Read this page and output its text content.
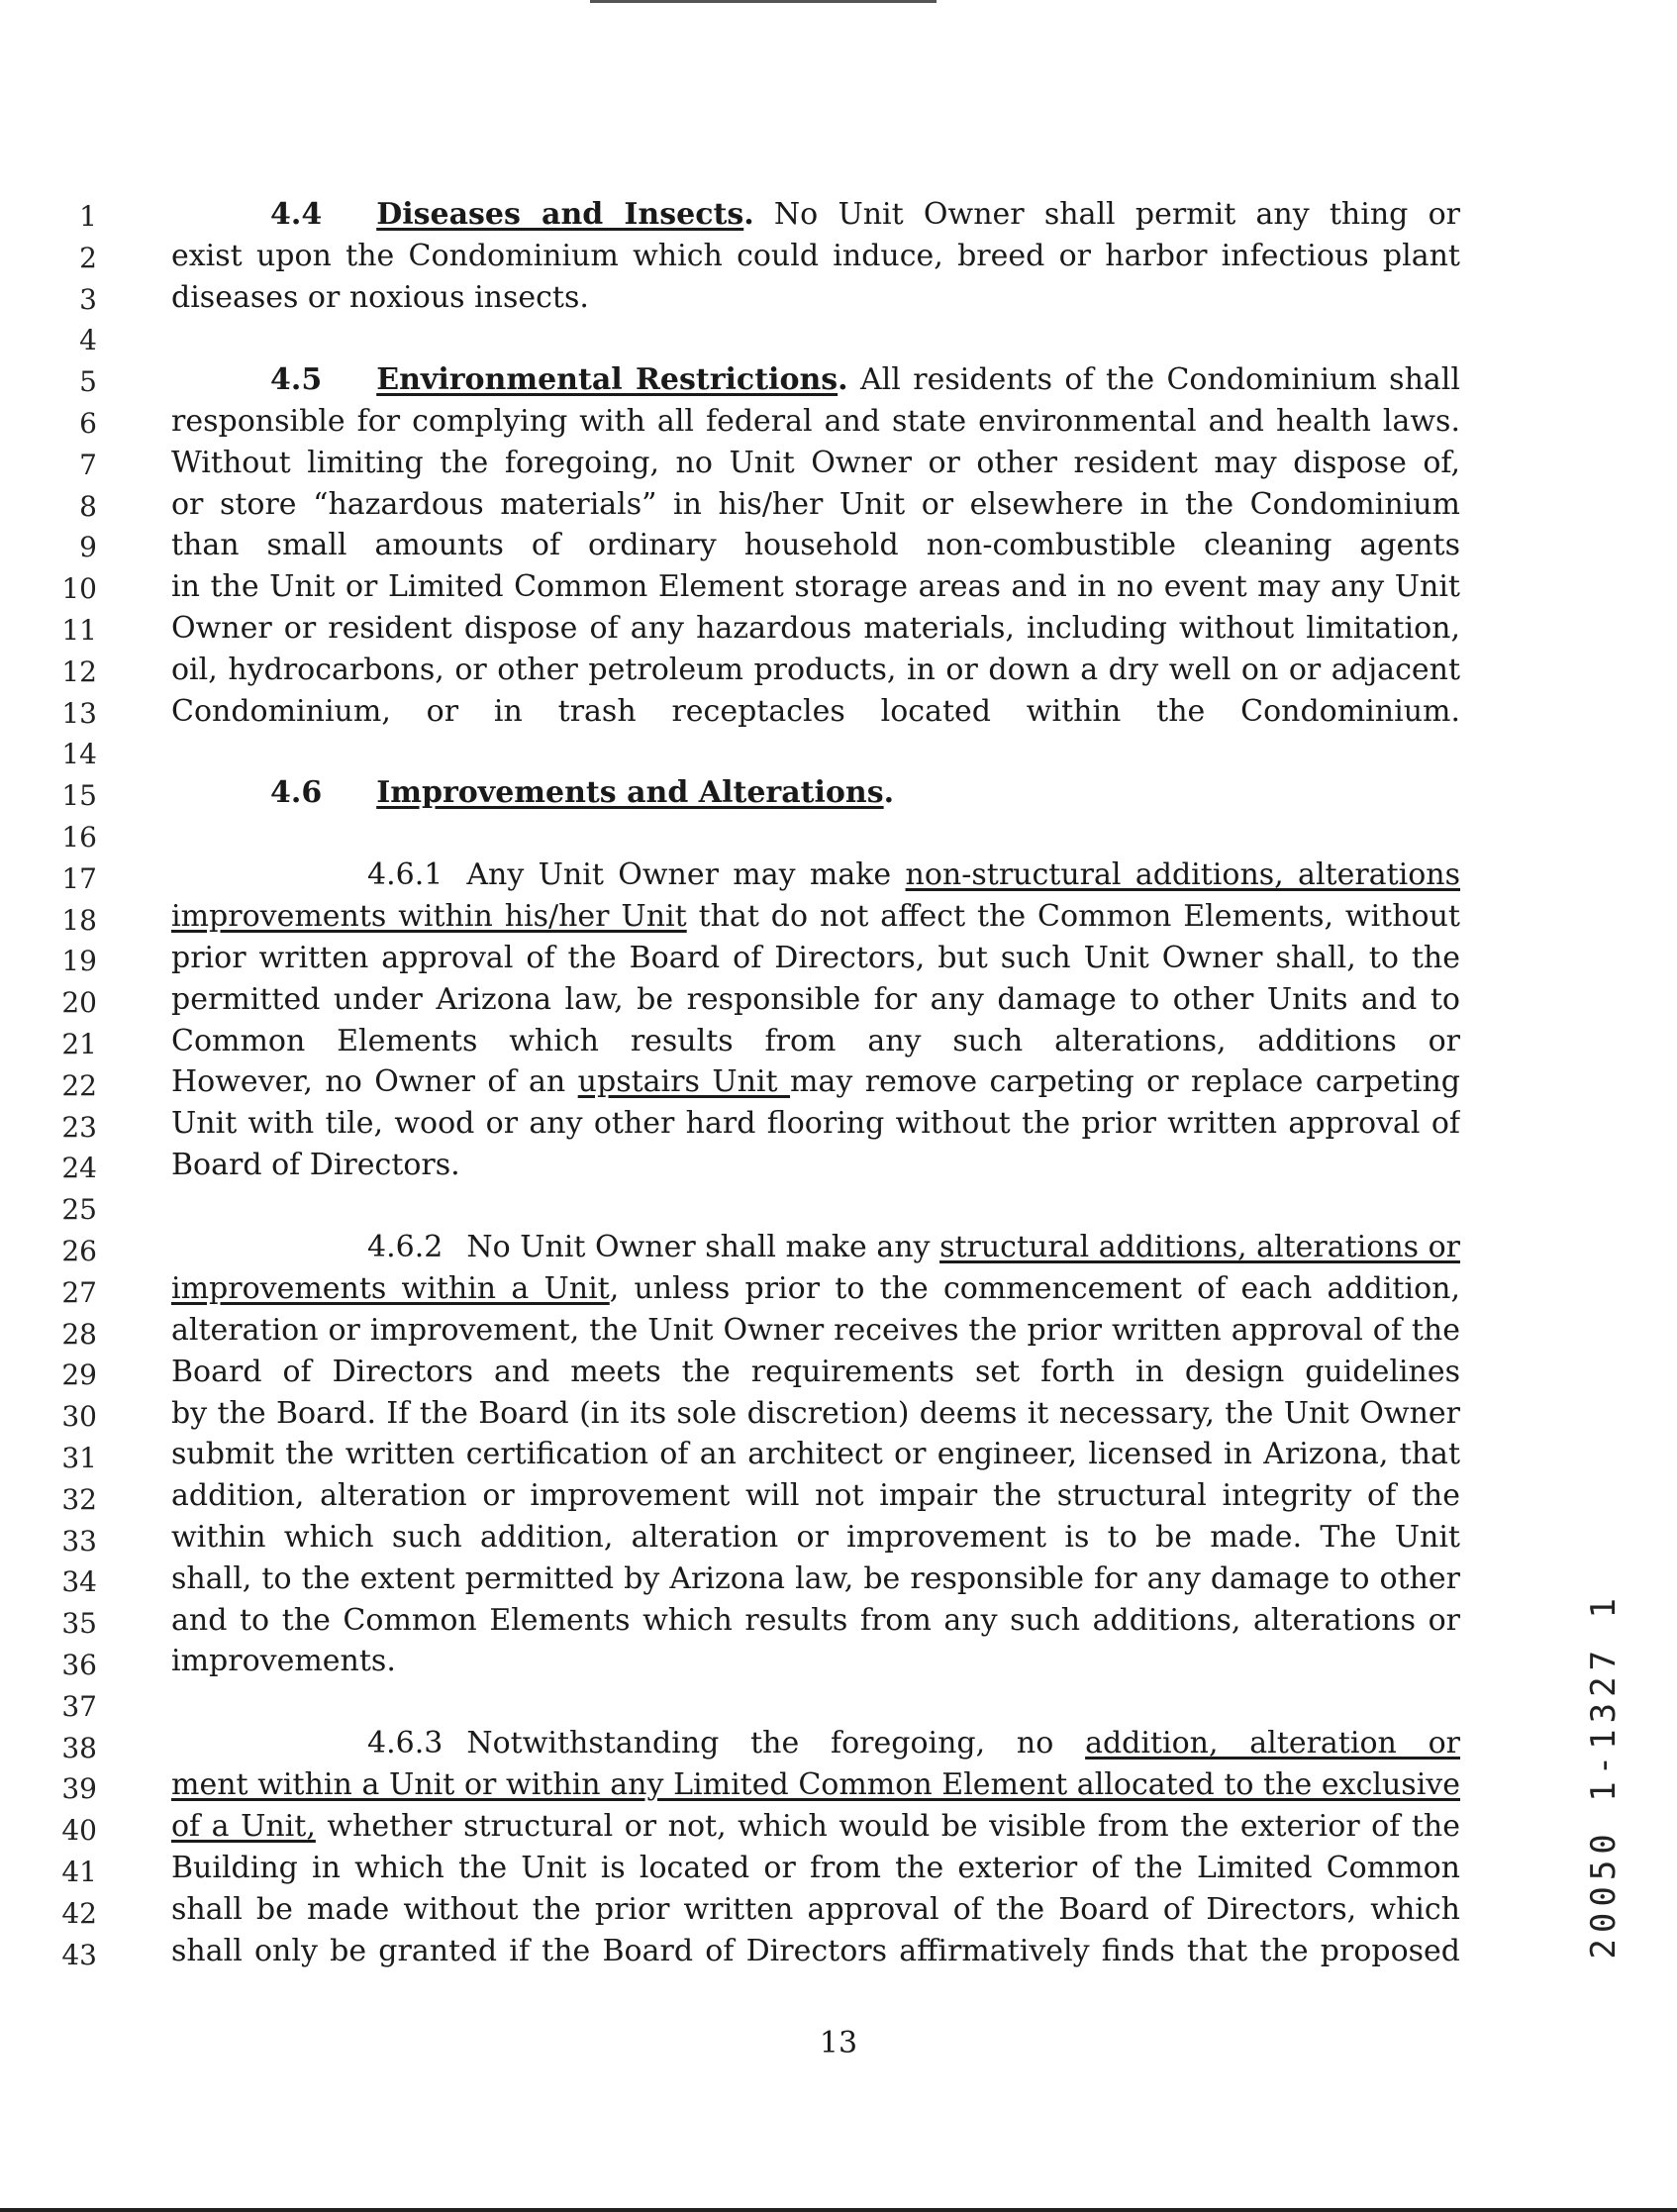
1
2
3
4
5
6
7
8
9
10
11
12
13
14
15
16
17
18
19
20
21
22
23
24
25
26
27
28
29
30
31
32
33
34
35
36
37
38
39
40
41
42
43
4.4 Diseases and Insects. No Unit Owner shall permit any thing or
exist upon the Condominium which could induce, breed or harbor infectious plant
diseases or noxious insects.
4.5 Environmental Restrictions. All residents of the Condominium shall
responsible for complying with all federal and state environmental and health laws.
Without limiting the foregoing, no Unit Owner or other resident may dispose of,
or store “hazardous materials” in his/her Unit or elsewhere in the Condominium
than small amounts of ordinary household non-combustible cleaning agents
in the Unit or Limited Common Element storage areas and in no event may any Unit
Owner or resident dispose of any hazardous materials, including without limitation,
oil, hydrocarbons, or other petroleum products, in or down a dry well on or adjacent
Condominium, or in trash receptacles located within the Condominium.
4.6 Improvements and Alterations.
4.6.1 Any Unit Owner may make non-structural additions, alterations
improvements within his/her Unit that do not affect the Common Elements, without
prior written approval of the Board of Directors, but such Unit Owner shall, to the
permitted under Arizona law, be responsible for any damage to other Units and to
Common Elements which results from any such alterations, additions or
However, no Owner of an upstairs Unit may remove carpeting or replace carpeting
Unit with tile, wood or any other hard flooring without the prior written approval of
Board of Directors.
4.6.2 No Unit Owner shall make any structural additions, alterations or
improvements within a Unit, unless prior to the commencement of each addition,
alteration or improvement, the Unit Owner receives the prior written approval of the
Board of Directors and meets the requirements set forth in design guidelines
by the Board. If the Board (in its sole discretion) deems it necessary, the Unit Owner
submit the written certification of an architect or engineer, licensed in Arizona, that
addition, alteration or improvement will not impair the structural integrity of the
within which such addition, alteration or improvement is to be made. The Unit
shall, to the extent permitted by Arizona law, be responsible for any damage to other
and to the Common Elements which results from any such additions, alterations or
improvements.
4.6.3 Notwithstanding the foregoing, no addition, alteration or
ment within a Unit or within any Limited Common Element allocated to the exclusive
of a Unit, whether structural or not, which would be visible from the exterior of the
Building in which the Unit is located or from the exterior of the Limited Common
shall be made without the prior written approval of the Board of Directors, which
shall only be granted if the Board of Directors affirmatively finds that the proposed
13
20050 1-1327 1
